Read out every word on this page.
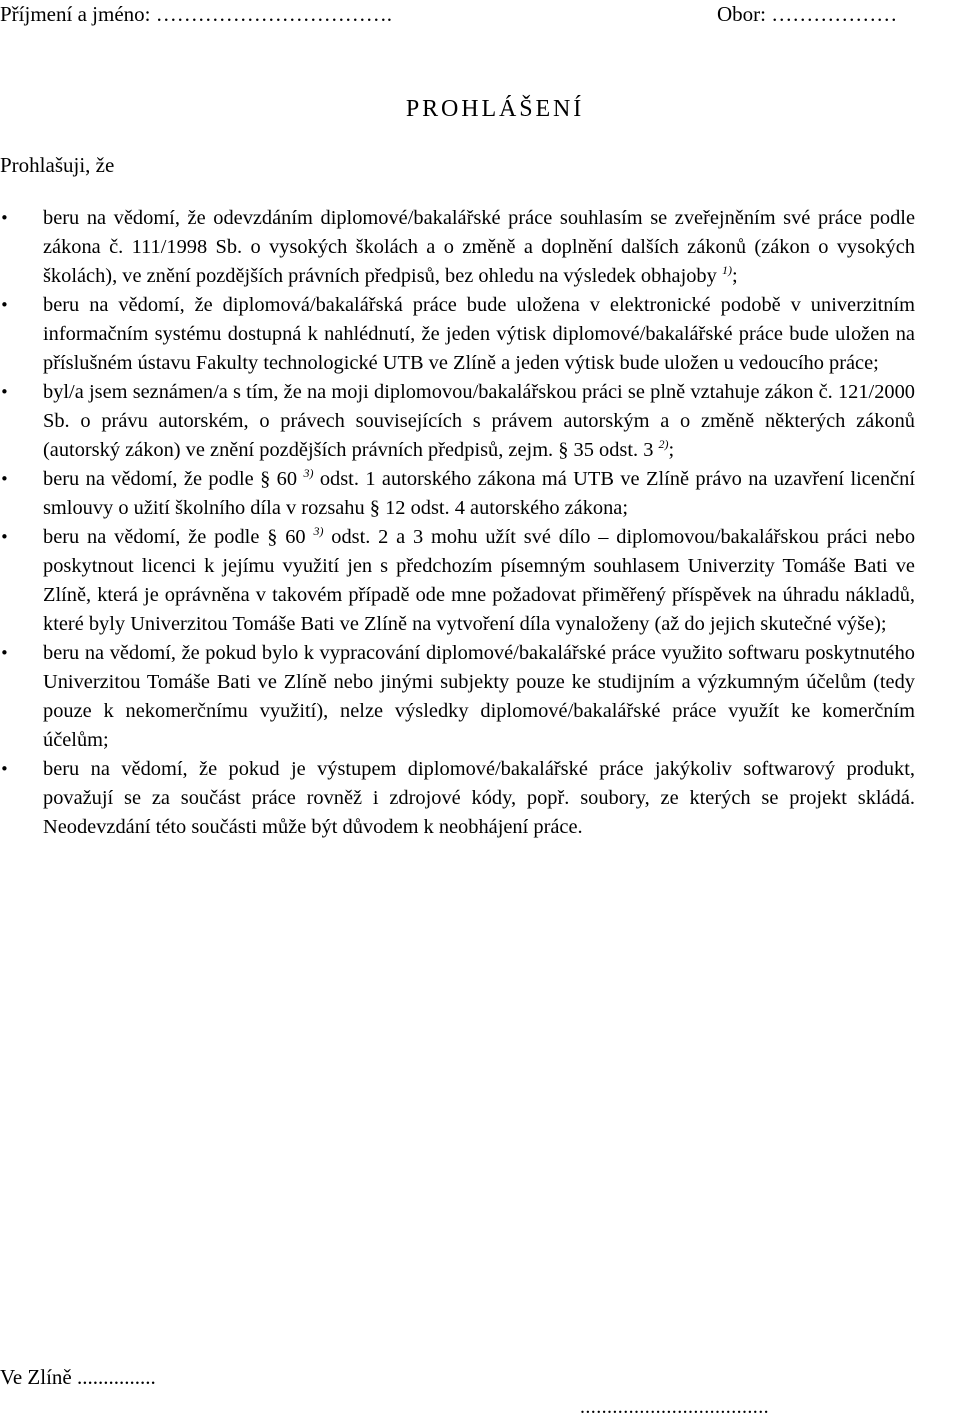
Příjmení a jméno: …………………………….	Obor: ………………
PROHLÁŠENÍ
Prohlašuji, že
•
beru na vědomí, že odevzdáním diplomové/bakalářské práce souhlasím se zveřejněním své práce podle zákona č. 111/1998 Sb. o vysokých školách a o změně a doplnění dalších zákonů (zákon o vysokých školách), ve znění pozdějších právních předpisů, bez ohledu na výsledek obhajoby $^{1)}$;
•
beru na vědomí, že diplomová/bakalářská práce bude uložena v elektronické podobě v univerzitním informačním systému dostupná k nahlédnutí, že jeden výtisk diplomové/bakalářské práce bude uložen na příslušném ústavu Fakulty technologické UTB ve Zlíně a jeden výtisk bude uložen u vedoucího práce;
•
byl/a jsem seznámen/a s tím, že na moji diplomovou/bakalářskou práci se plně vztahuje zákon č. 121/2000 Sb. o právu autorském, o právech souvisejících s právem autorským a o změně některých zákonů (autorský zákon) ve znění pozdějších právních předpisů, zejm. § 35 odst. 3 $^{2)}$;
•
beru na vědomí, že podle § 60 $^{3)}$ odst. 1 autorského zákona má UTB ve Zlíně právo na uzavření licenční smlouvy o užití školního díla v rozsahu § 12 odst. 4 autorského zákona;
•
beru na vědomí, že podle § 60 $^{3)}$ odst. 2 a 3 mohu užít své dílo – diplomovou/bakalářskou práci nebo poskytnout licenci k jejímu využití jen s předchozím písemným souhlasem Univerzity Tomáše Bati ve Zlíně, která je oprávněna v takovém případě ode mne požadovat přiměřený příspěvek na úhradu nákladů, které byly Univerzitou Tomáše Bati ve Zlíně na vytvoření díla vynaloženy (až do jejich skutečné výše);
•
beru na vědomí, že pokud bylo k vypracování diplomové/bakalářské práce využito softwaru poskytnutého Univerzitou Tomáše Bati ve Zlíně nebo jinými subjekty pouze ke studijním a výzkumným účelům (tedy pouze k nekomerčnímu využití), nelze výsledky diplomové/bakalářské práce využít ke komerčním účelům;
•
beru na vědomí, že pokud je výstupem diplomové/bakalářské práce jakýkoliv softwarový produkt, považují se za součást práce rovněž i zdrojové kódy, popř. soubory, ze kterých se projekt skládá. Neodevzdání této součásti může být důvodem k neobhájení práce.
Ve Zlíně ...............
...................................
